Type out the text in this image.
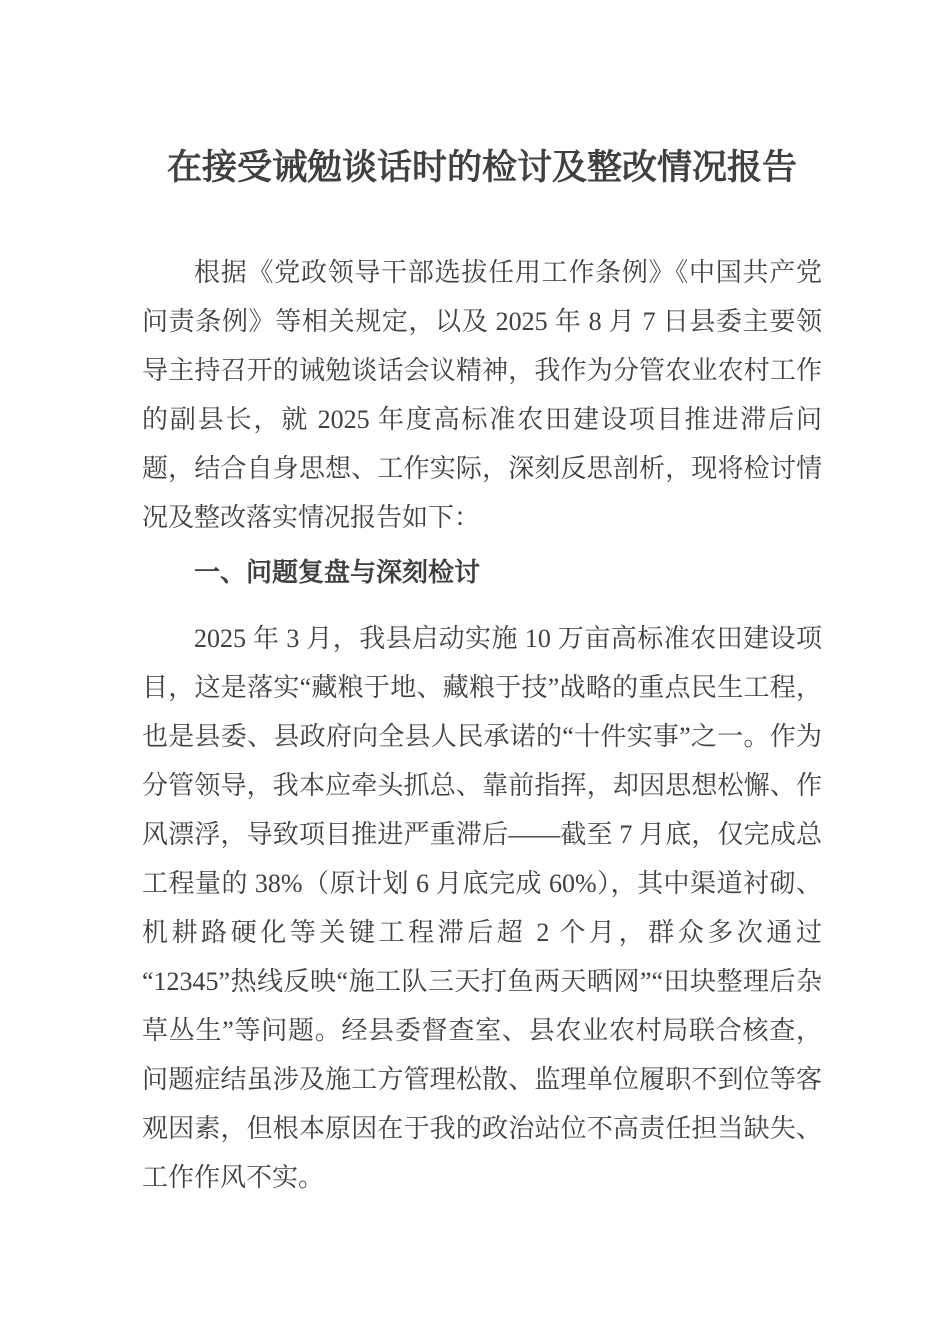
在接受诫勉谈话时的检讨及整改情况报告

根据《党政领导干部选拔任用工作条例》《中国共产党问责条例》等相关规定，以及 2025 年 8 月 7 日县委主要领导主持召开的诫勉谈话会议精神，我作为分管农业农村工作的副县长，就 2025 年度高标准农田建设项目推进滞后问题，结合自身思想、工作实际，深刻反思剖析，现将检讨情况及整改落实情况报告如下：

一、问题复盘与深刻检讨

2025 年 3 月，我县启动实施 10 万亩高标准农田建设项目，这是落实“藏粮于地、藏粮于技”战略的重点民生工程，也是县委、县政府向全县人民承诺的“十件实事”之一。作为分管领导，我本应牵头抓总、靠前指挥，却因思想松懈、作风漂浮，导致项目推进严重滞后——截至 7 月底，仅完成总工程量的 38%（原计划 6 月底完成 60%），其中渠道衬砌、机耕路硬化等关键工程滞后超 2 个月，群众多次通过“12345”热线反映“施工队三天打鱼两天晒网”“田块整理后杂草丛生”等问题。经县委督查室、县农业农村局联合核查，问题症结虽涉及施工方管理松散、监理单位履职不到位等客观因素，但根本原因在于我的政治站位不高责任担当缺失、工作作风不实。
